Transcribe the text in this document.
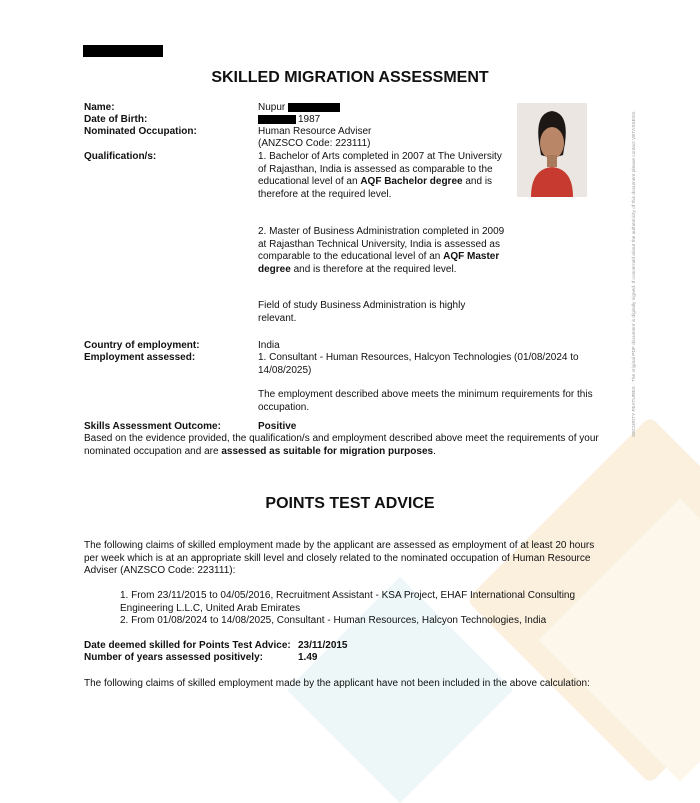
SECURITY FEATURES - The original PDF document is digitally signed. If concerned about the authenticity of this document please contact VETASSESS.
SKILLED MIGRATION ASSESSMENT
Name:	Nupur
Date of Birth:	1987
Nominated Occupation:	Human Resource Adviser
(ANZSCO Code: 223111)
Qualification/s:	1. Bachelor of Arts completed in 2007 at The University of Rajasthan, India is assessed as comparable to the educational level of an AQF Bachelor degree and is therefore at the required level.
2. Master of Business Administration completed in 2009 at Rajasthan Technical University, India is assessed as comparable to the educational level of an AQF Master degree and is therefore at the required level.
Field of study Business Administration is highly relevant.
Country of employment:	India
Employment assessed:	1. Consultant - Human Resources, Halcyon Technologies (01/08/2024 to 14/08/2025)
The employment described above meets the minimum requirements for this occupation.
Skills Assessment Outcome:	Positive
Based on the evidence provided, the qualification/s and employment described above meet the requirements of your nominated occupation and are assessed as suitable for migration purposes.
POINTS TEST ADVICE
The following claims of skilled employment made by the applicant are assessed as employment of at least 20 hours per week which is at an appropriate skill level and closely related to the nominated occupation of Human Resource Adviser (ANZSCO Code: 223111):
1. From 23/11/2015 to 04/05/2016, Recruitment Assistant - KSA Project, EHAF International Consulting Engineering L.L.C, United Arab Emirates
2. From 01/08/2024 to 14/08/2025, Consultant - Human Resources, Halcyon Technologies, India
Date deemed skilled for Points Test Advice: 23/11/2015
Number of years assessed positively:	1.49
The following claims of skilled employment made by the applicant have not been included in the above calculation:
